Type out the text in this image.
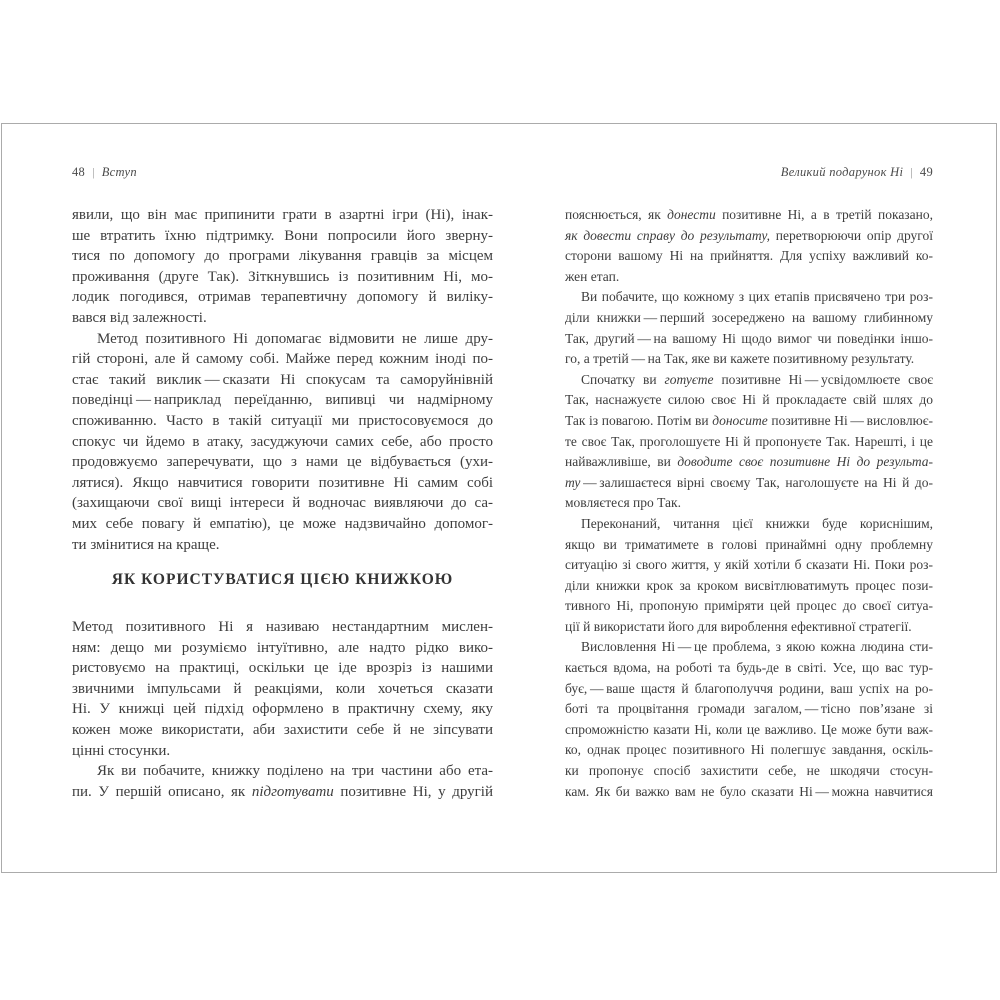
48 | Вступ	Великий подарунок Ні | 49
явили, що він має припинити грати в азартні ігри (Ні), інак-
ше втратить їхню підтримку. Вони попросили його зверну-
тися по допомогу до програми лікування гравців за місцем
проживання (друге Так). Зіткнувшись із позитивним Ні, мо-
лодик погодився, отримав терапевтичну допомогу й виліку-
вався від залежності.
Метод позитивного Ні допомагає відмовити не лише дру-
гій стороні, але й самому собі. Майже перед кожним іноді по-
стає такий виклик — сказати Ні спокусам та саморуйнівній
поведінці — наприклад переїданню, випивці чи надмірному
споживанню. Часто в такій ситуації ми пристосовуємося до
спокус чи йдемо в атаку, засуджуючи самих себе, або просто
продовжуємо заперечувати, що з нами це відбувається (ухи-
лятися). Якщо навчитися говорити позитивне Ні самим собі
(захищаючи свої вищі інтереси й водночас виявляючи до са-
мих себе повагу й емпатію), це може надзвичайно допомог-
ти змінитися на краще.
ЯК КОРИСТУВАТИСЯ ЦІЄЮ КНИЖКОЮ
Метод позитивного Ні я називаю нестандартним мислен-
ням: дещо ми розуміємо інтуїтивно, але надто рідко вико-
ристовуємо на практиці, оскільки це іде врозріз із нашими
звичними імпульсами й реакціями, коли хочеться сказати
Ні. У книжці цей підхід оформлено в практичну схему, яку
кожен може використати, аби захистити себе й не зіпсувати
цінні стосунки.
Як ви побачите, книжку поділено на три частини або ета-
пи. У першій описано, як підготувати позитивне Ні, у другій
пояснюється, як донести позитивне Ні, а в третій показано,
як довести справу до результату, перетворюючи опір другої
сторони вашому Ні на прийняття. Для успіху важливий ко-
жен етап.
Ви побачите, що кожному з цих етапів присвячено три роз-
діли книжки — перший зосереджено на вашому глибинному
Так, другий — на вашому Ні щодо вимог чи поведінки іншо-
го, а третій — на Так, яке ви кажете позитивному результату.
Спочатку ви готуєте позитивне Ні — усвідомлюєте своє
Так, наснажуєте силою своє Ні й прокладаєте свій шлях до
Так із повагою. Потім ви доносите позитивне Ні — висловлює-
те своє Так, проголошуєте Ні й пропонуєте Так. Нарешті, і це
найважливіше, ви доводите своє позитивне Ні до результа-
ту — залишаєтеся вірні своєму Так, наголошуєте на Ні й до-
мовляєтеся про Так.
Переконаний, читання цієї книжки буде кориснішим,
якщо ви триматимете в голові принаймні одну проблемну
ситуацію зі свого життя, у якій хотіли б сказати Ні. Поки роз-
діли книжки крок за кроком висвітлюватимуть процес пози-
тивного Ні, пропоную приміряти цей процес до своєї ситуа-
ції й використати його для вироблення ефективної стратегії.
Висловлення Ні — це проблема, з якою кожна людина сти-
кається вдома, на роботі та будь-де в світі. Усе, що вас тур-
бує, — ваше щастя й благополуччя родини, ваш успіх на ро-
боті та процвітання громади загалом, — тісно пов’язане зі
спроможністю казати Ні, коли це важливо. Це може бути важ-
ко, однак процес позитивного Ні полегшує завдання, оскіль-
ки пропонує спосіб захистити себе, не шкодячи стосун-
кам. Як би важко вам не було сказати Ні — можна навчитися
